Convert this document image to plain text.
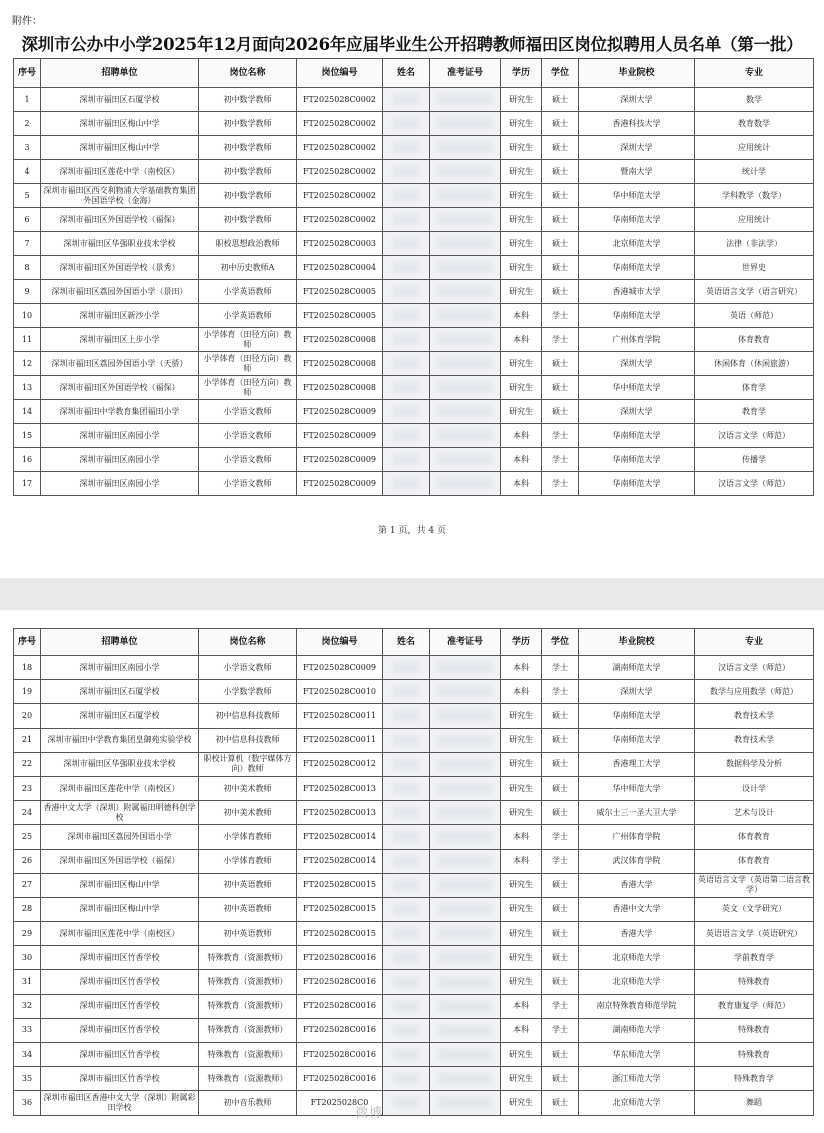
附件：
深圳市公办中小学2025年12月面向2026年应届毕业生公开招聘教师福田区岗位拟聘用人员名单（第一批）
序号	招聘单位	岗位名称	岗位编号	姓名	准考证号	学历	学位	毕业院校	专业
1	深圳市福田区石厦学校	初中数学教师	FT2025028C0002			研究生	硕士	深圳大学	数学
2	深圳市福田区梅山中学	初中数学教师	FT2025028C0002			研究生	硕士	香港科技大学	教育数学
3	深圳市福田区梅山中学	初中数学教师	FT2025028C0002			研究生	硕士	深圳大学	应用统计
4	深圳市福田区莲花中学（南校区）	初中数学教师	FT2025028C0002			研究生	硕士	暨南大学	统计学
5	深圳市福田区西交利物浦大学基础教育集团外国语学校（金海）	初中数学教师	FT2025028C0002			研究生	硕士	华中师范大学	学科教学（数学）
6	深圳市福田区外国语学校（福保）	初中数学教师	FT2025028C0002			研究生	硕士	华南师范大学	应用统计
7	深圳市福田区华强职业技术学校	职校思想政治教师	FT2025028C0003			研究生	硕士	北京师范大学	法律（非法学）
8	深圳市福田区外国语学校（景秀）	初中历史教师A	FT2025028C0004			研究生	硕士	华南师范大学	世界史
9	深圳市福田区荔园外国语小学（景田）	小学英语教师	FT2025028C0005			研究生	硕士	香港城市大学	英语语言文学（语言研究）
10	深圳市福田区新沙小学	小学英语教师	FT2025028C0005			本科	学士	华南师范大学	英语（师范）
11	深圳市福田区上步小学	小学体育（田径方向）教师	FT2025028C0008			本科	学士	广州体育学院	体育教育
12	深圳市福田区荔园外国语小学（天骄）	小学体育（田径方向）教师	FT2025028C0008			研究生	硕士	深圳大学	休闲体育（休闲旅游）
13	深圳市福田区外国语学校（福保）	小学体育（田径方向）教师	FT2025028C0008			研究生	硕士	华中师范大学	体育学
14	深圳市福田中学教育集团福田小学	小学语文教师	FT2025028C0009			研究生	硕士	深圳大学	教育学
15	深圳市福田区南园小学	小学语文教师	FT2025028C0009			本科	学士	华南师范大学	汉语言文学（师范）
16	深圳市福田区南园小学	小学语文教师	FT2025028C0009			本科	学士	华南师范大学	传播学
17	深圳市福田区南园小学	小学语文教师	FT2025028C0009			本科	学士	华南师范大学	汉语言文学（师范）
第 1 页，共 4 页
序号	招聘单位	岗位名称	岗位编号	姓名	准考证号	学历	学位	毕业院校	专业
18	深圳市福田区南园小学	小学语文教师	FT2025028C0009			本科	学士	湖南师范大学	汉语言文学（师范）
19	深圳市福田区石厦学校	小学数学教师	FT2025028C0010			本科	学士	深圳大学	数学与应用数学（师范）
20	深圳市福田区石厦学校	初中信息科技教师	FT2025028C0011			研究生	硕士	华南师范大学	教育技术学
21	深圳市福田中学教育集团皇御苑实验学校	初中信息科技教师	FT2025028C0011			研究生	硕士	华南师范大学	教育技术学
22	深圳市福田区华强职业技术学校	职校计算机（数字媒体方向）教师	FT2025028C0012			研究生	硕士	香港理工大学	数据科学及分析
23	深圳市福田区莲花中学（南校区）	初中美术教师	FT2025028C0013			研究生	硕士	华中师范大学	设计学
24	香港中文大学（深圳）附属福田明德科创学校	初中美术教师	FT2025028C0013			研究生	硕士	威尔士三一圣大卫大学	艺术与设计
25	深圳市福田区荔园外国语小学	小学体育教师	FT2025028C0014			本科	学士	广州体育学院	体育教育
26	深圳市福田区外国语学校（福保）	小学体育教师	FT2025028C0014			本科	学士	武汉体育学院	体育教育
27	深圳市福田区梅山中学	初中英语教师	FT2025028C0015			研究生	硕士	香港大学	英语语言文学（英语第二语言教学）
28	深圳市福田区梅山中学	初中英语教师	FT2025028C0015			研究生	硕士	香港中文大学	英文（文学研究）
29	深圳市福田区莲花中学（南校区）	初中英语教师	FT2025028C0015			研究生	硕士	香港大学	英语语言文学（英语研究）
30	深圳市福田区竹香学校	特殊教育（资源教师）	FT2025028C0016			研究生	硕士	北京师范大学	学前教育学
31	深圳市福田区竹香学校	特殊教育（资源教师）	FT2025028C0016			研究生	硕士	北京师范大学	特殊教育
32	深圳市福田区竹香学校	特殊教育（资源教师）	FT2025028C0016			本科	学士	南京特殊教育师范学院	教育康复学（师范）
33	深圳市福田区竹香学校	特殊教育（资源教师）	FT2025028C0016			本科	学士	湖南师范大学	特殊教育
34	深圳市福田区竹香学校	特殊教育（资源教师）	FT2025028C0016			研究生	硕士	华东师范大学	特殊教育
35	深圳市福田区竹香学校	特殊教育（资源教师）	FT2025028C0016			研究生	硕士	浙江师范大学	特殊教育学
36	深圳市福田区香港中文大学（深圳）附属彩田学校	初中音乐教师	FT2025028C0			研究生	硕士	北京师范大学	舞蹈
微博
